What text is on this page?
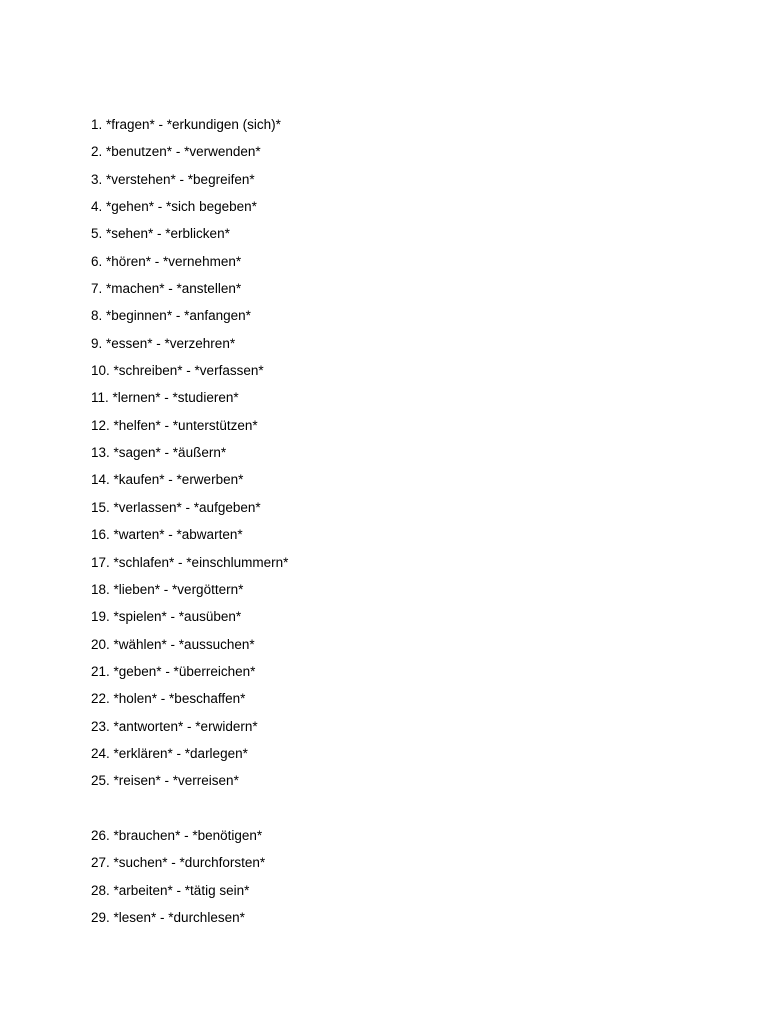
1. *fragen* - *erkundigen (sich)*
2. *benutzen* - *verwenden*
3. *verstehen* - *begreifen*
4. *gehen* - *sich begeben*
5. *sehen* - *erblicken*
6. *hören* - *vernehmen*
7. *machen* - *anstellen*
8. *beginnen* - *anfangen*
9. *essen* - *verzehren*
10. *schreiben* - *verfassen*
11. *lernen* - *studieren*
12. *helfen* - *unterstützen*
13. *sagen* - *äußern*
14. *kaufen* - *erwerben*
15. *verlassen* - *aufgeben*
16. *warten* - *abwarten*
17. *schlafen* - *einschlummern*
18. *lieben* - *vergöttern*
19. *spielen* - *ausüben*
20. *wählen* - *aussuchen*
21. *geben* - *überreichen*
22. *holen* - *beschaffen*
23. *antworten* - *erwidern*
24. *erklären* - *darlegen*
25. *reisen* - *verreisen*
26. *brauchen* - *benötigen*
27. *suchen* - *durchforsten*
28. *arbeiten* - *tätig sein*
29. *lesen* - *durchlesen*
